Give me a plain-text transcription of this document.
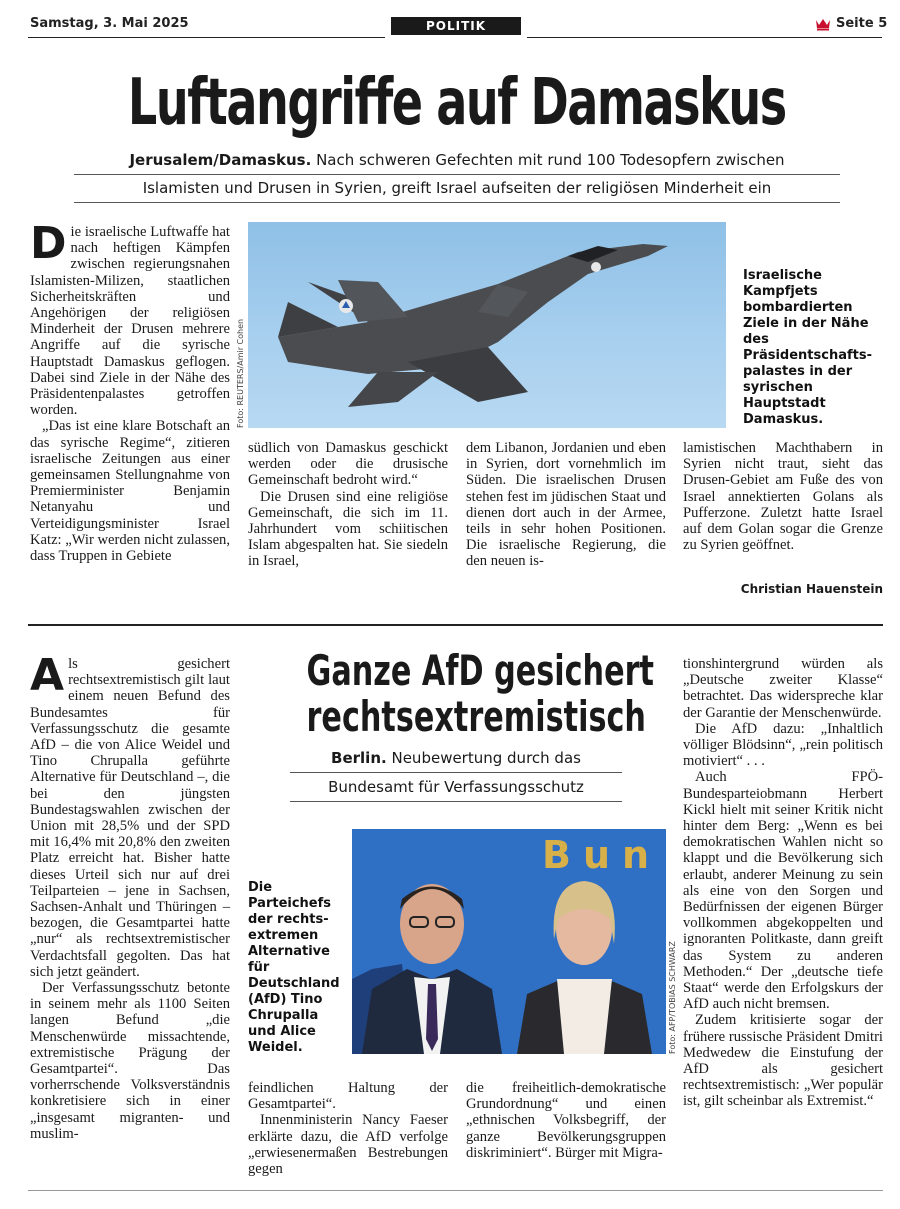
Samstag, 3. Mai 2025	POLITIK	Seite 5
Luftangriffe auf Damaskus
Jerusalem/Damaskus. Nach schweren Gefechten mit rund 100 Todesopfern zwischen
Islamisten und Drusen in Syrien, greift Israel aufseiten der religiösen Minderheit ein
Foto: REUTERS/Amir Cohen
Israelische Kampfjets bombardierten Ziele in der Nähe des Präsidentschaftspalastes in der syrischen Hauptstadt Damaskus.
D ie israelische Luftwaffe hat nach heftigen Kämpfen zwischen regierungsnahen Islamisten-Milizen, staatlichen Sicherheitskräften und Angehörigen der religiösen Minderheit der Drusen mehrere Angriffe auf die syrische Hauptstadt Damaskus geflogen. Dabei sind Ziele in der Nähe des Präsidentenpalastes getroffen worden.

„Das ist eine klare Botschaft an das syrische Regime“, zitieren israelische Zeitungen aus einer gemeinsamen Stellungnahme von Premierminister Benjamin Netanyahu und Verteidigungsminister Israel Katz: „Wir werden nicht zulassen, dass Truppen in Gebiete

südlich von Damaskus geschickt werden oder die drusische Gemeinschaft bedroht wird.“

Die Drusen sind eine religiöse Gemeinschaft, die sich im 11. Jahrhundert vom schiitischen Islam abgespalten hat. Sie siedeln in Israel,

dem Libanon, Jordanien und eben in Syrien, dort vornehmlich im Süden. Die israelischen Drusen stehen fest im jüdischen Staat und dienen dort auch in der Armee, teils in sehr hohen Positionen. Die israelische Regierung, die den neuen is-

lamistischen Machthabern in Syrien nicht traut, sieht das Drusen-Gebiet am Fuße des von Israel annektierten Golans als Pufferzone. Zuletzt hatte Israel auf dem Golan sogar die Grenze zu Syrien geöffnet.

Christian Hauenstein
A ls gesichert rechtsextremistisch gilt laut einem neuen Befund des Bundesamtes für Verfassungsschutz die gesamte AfD – die von Alice Weidel und Tino Chrupalla geführte Alternative für Deutschland –, die bei den jüngsten Bundestagswahlen zwischen der Union mit 28,5% und der SPD mit 16,4% mit 20,8% den zweiten Platz erreicht hat. Bisher hatte dieses Urteil sich nur auf drei Teilparteien – jene in Sachsen, Sachsen-Anhalt und Thüringen – bezogen, die Gesamtpartei hatte „nur“ als rechtsextremistischer Verdachtsfall gegolten. Das hat sich jetzt geändert.

Der Verfassungsschutz betonte in seinem mehr als 1100 Seiten langen Befund „die Menschenwürde missachtende, extremistische Prägung der Gesamtpartei“. Das vorherrschende Volksverständnis konkretisiere sich in einer „insgesamt migranten- und muslim-

Ganze AfD gesichert
rechtsextremistisch
Berlin. Neubewertung durch das
Bundesamt für Verfassungsschutz
Bun
Foto: AFP/TOBIAS SCHWARZ
Die Parteichefs der rechtsextremen Alternative für Deutschland (AfD) Tino Chrupalla und Alice Weidel.

feindlichen Haltung der Gesamtpartei“.

Innenministerin Nancy Faeser erklärte dazu, die AfD verfolge „erwiesenermaßen Bestrebungen gegen

die freiheitlich-demokratische Grundordnung“ und einen „ethnischen Volksbegriff, der ganze Bevölkerungsgruppen diskriminiert“. Bürger mit Migra-

tionshintergrund würden als „Deutsche zweiter Klasse“ betrachtet. Das widerspreche klar der Garantie der Menschenwürde.

Die AfD dazu: „Inhaltlich völliger Blödsinn“, „rein politisch motiviert“ . . .

Auch FPÖ-Bundesparteiobmann Herbert Kickl hielt mit seiner Kritik nicht hinter dem Berg: „Wenn es bei demokratischen Wahlen nicht so klappt und die Bevölkerung sich erlaubt, anderer Meinung zu sein als eine von den Sorgen und Bedürfnissen der eigenen Bürger vollkommen abgekoppelten und ignoranten Politkaste, dann greift das System zu anderen Methoden.“ Der „deutsche tiefe Staat“ werde den Erfolgskurs der AfD auch nicht bremsen.

Zudem kritisierte sogar der frühere russische Präsident Dmitri Medwedew die Einstufung der AfD als gesichert rechtsextremistisch: „Wer populär ist, gilt scheinbar als Extremist.“
